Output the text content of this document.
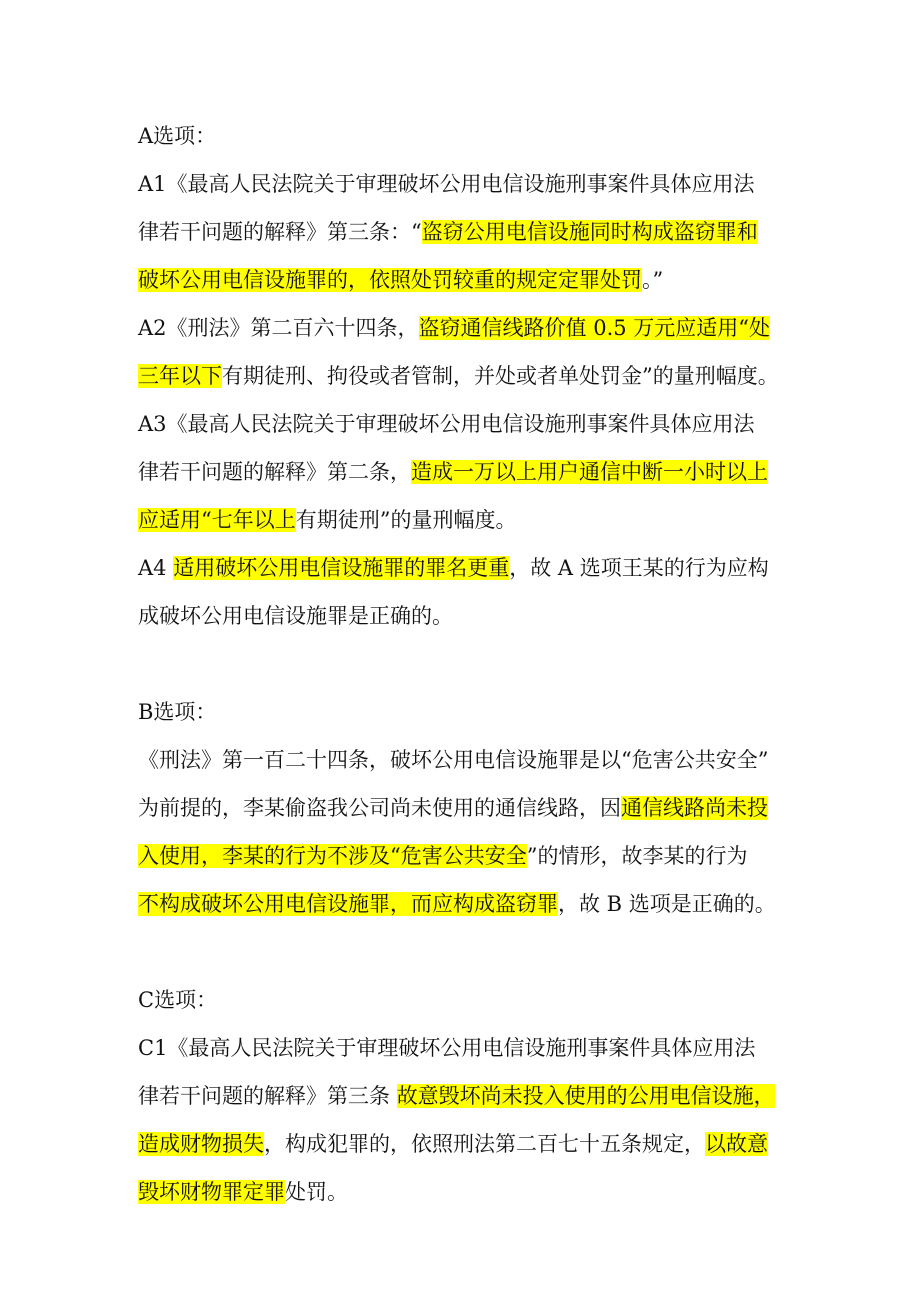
A选项：
A1《最高人民法院关于审理破坏公用电信设施刑事案件具体应用法
律若干问题的解释》第三条：“盗窃公用电信设施同时构成盗窃罪和
破坏公用电信设施罪的，依照处罚较重的规定定罪处罚。”
A2《刑法》第二百六十四条，盗窃通信线路价值 0.5 万元应适用“处
三年以下有期徒刑、拘役或者管制，并处或者单处罚金”的量刑幅度。
A3《最高人民法院关于审理破坏公用电信设施刑事案件具体应用法
律若干问题的解释》第二条，造成一万以上用户通信中断一小时以上
应适用“七年以上有期徒刑”的量刑幅度。
A4 适用破坏公用电信设施罪的罪名更重，故 A 选项王某的行为应构
成破坏公用电信设施罪是正确的。
B选项：
《刑法》第一百二十四条，破坏公用电信设施罪是以“危害公共安全”
为前提的，李某偷盗我公司尚未使用的通信线路，因通信线路尚未投
入使用，李某的行为不涉及“危害公共安全”的情形，故李某的行为
不构成破坏公用电信设施罪，而应构成盗窃罪，故 B 选项是正确的。
C选项：
C1《最高人民法院关于审理破坏公用电信设施刑事案件具体应用法
律若干问题的解释》第三条 故意毁坏尚未投入使用的公用电信设施，
造成财物损失，构成犯罪的，依照刑法第二百七十五条规定，以故意
毁坏财物罪定罪处罚。
